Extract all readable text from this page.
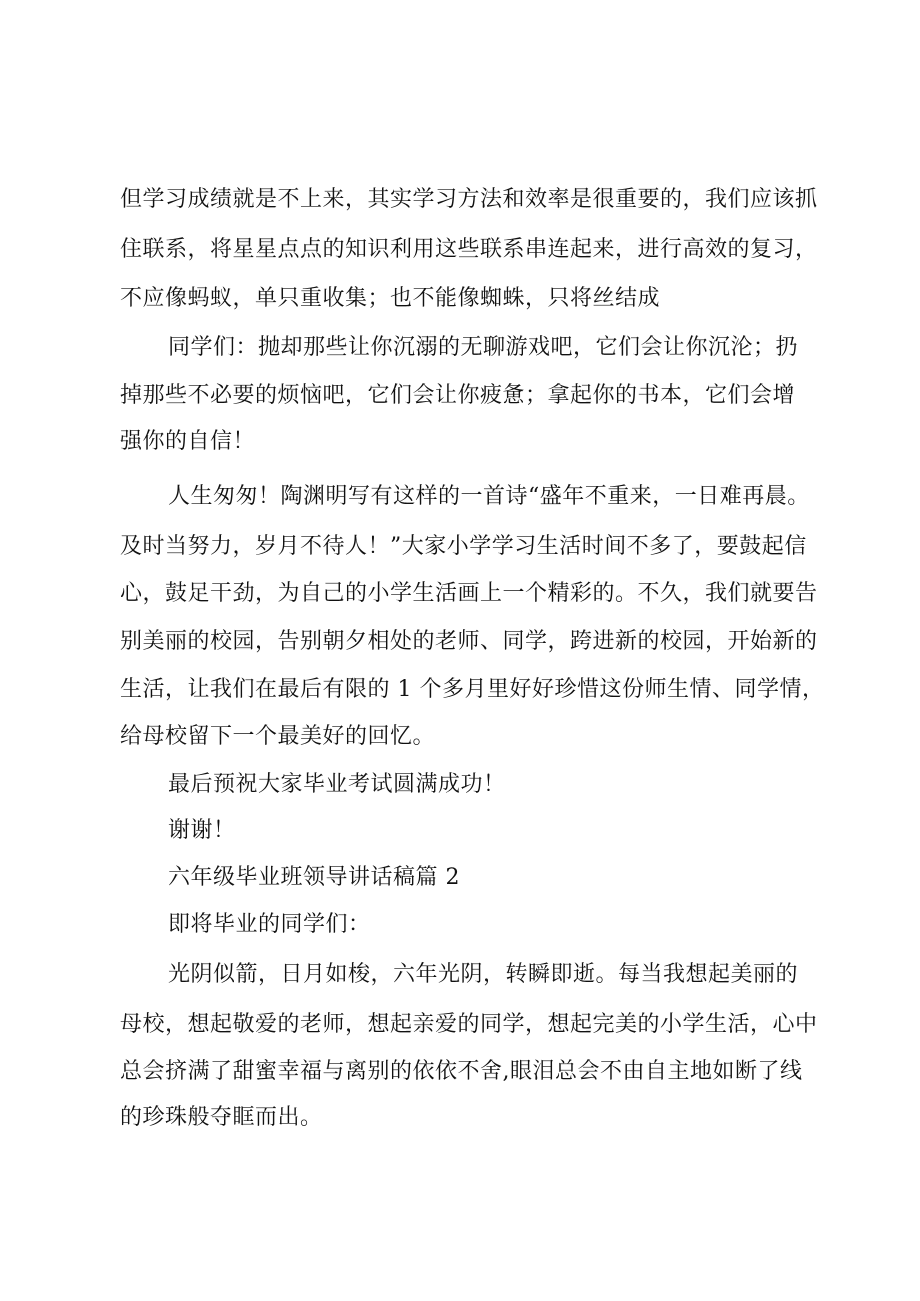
但学习成绩就是不上来，其实学习方法和效率是很重要的，我们应该抓

住联系，将星星点点的知识利用这些联系串连起来，进行高效的复习，

不应像蚂蚁，单只重收集；也不能像蜘蛛，只将丝结成

同学们：抛却那些让你沉溺的无聊游戏吧，它们会让你沉沦；扔

掉那些不必要的烦恼吧，它们会让你疲惫；拿起你的书本，它们会增

强你的自信！

人生匆匆！陶渊明写有这样的一首诗“盛年不重来，一日难再晨。

及时当努力，岁月不待人！”大家小学学习生活时间不多了，要鼓起信

心，鼓足干劲，为自己的小学生活画上一个精彩的。不久，我们就要告

别美丽的校园，告别朝夕相处的老师、同学，跨进新的校园，开始新的

生活，让我们在最后有限的 1 个多月里好好珍惜这份师生情、同学情，

给母校留下一个最美好的回忆。

最后预祝大家毕业考试圆满成功！

谢谢！

六年级毕业班领导讲话稿篇 2

即将毕业的同学们：

光阴似箭，日月如梭，六年光阴，转瞬即逝。每当我想起美丽的

母校，想起敬爱的老师，想起亲爱的同学，想起完美的小学生活，心中

总会挤满了甜蜜幸福与离别的依依不舍,眼泪总会不由自主地如断了线

的珍珠般夺眶而出。
